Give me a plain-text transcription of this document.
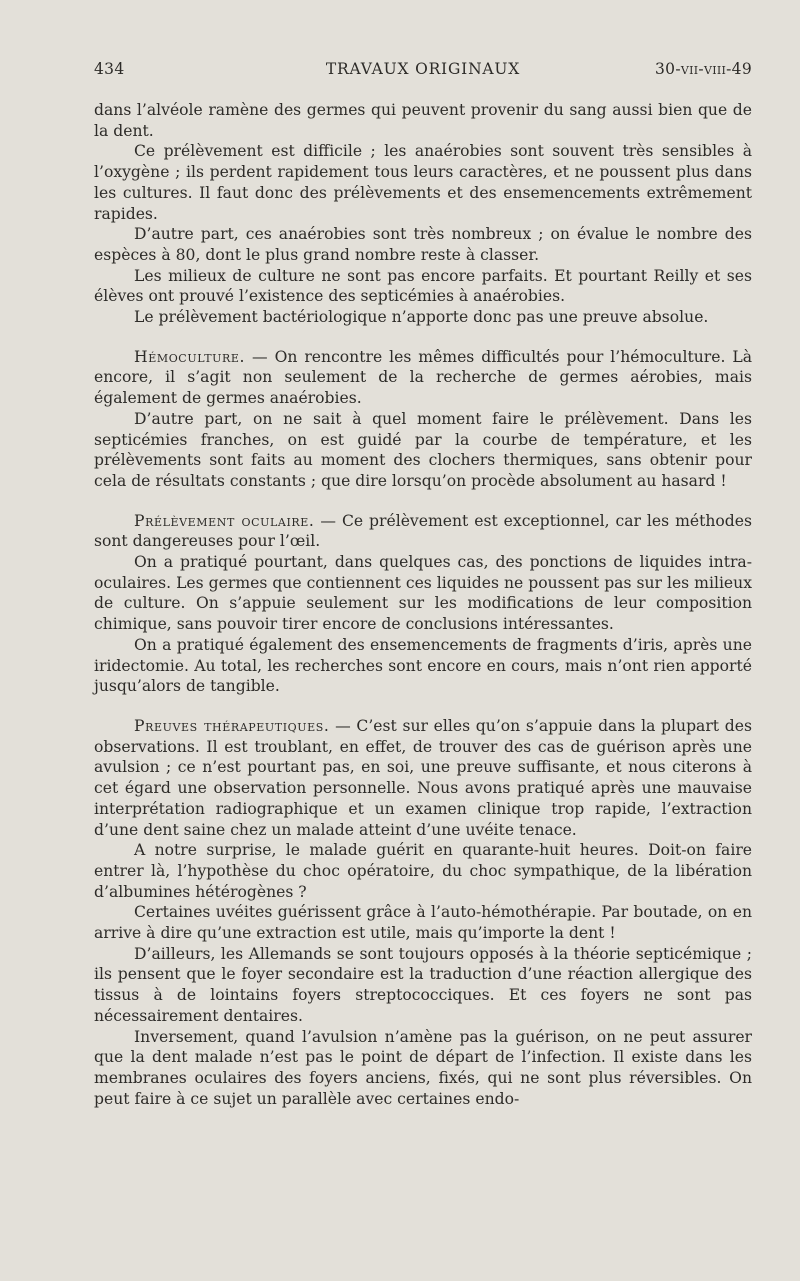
434	TRAVAUX ORIGINAUX	30-vii-viii-49

dans l’alvéole ramène des germes qui peuvent provenir du sang aussi bien que de la dent.

Ce prélèvement est difficile ; les anaérobies sont souvent très sensibles à l’oxygène ; ils perdent rapidement tous leurs caractères, et ne poussent plus dans les cultures. Il faut donc des prélèvements et des ensemencements extrêmement rapides.

D’autre part, ces anaérobies sont très nombreux ; on évalue le nombre des espèces à 80, dont le plus grand nombre reste à classer.

Les milieux de culture ne sont pas encore parfaits. Et pourtant Reilly et ses élèves ont prouvé l’existence des septicémies à anaérobies.

Le prélèvement bactériologique n’apporte donc pas une preuve absolue.

Hémoculture. — On rencontre les mêmes difficultés pour l’hémoculture. Là encore, il s’agit non seulement de la recherche de germes aérobies, mais également de germes anaérobies.

D’autre part, on ne sait à quel moment faire le prélèvement. Dans les septicémies franches, on est guidé par la courbe de température, et les prélèvements sont faits au moment des clochers thermiques, sans obtenir pour cela de résultats constants ; que dire lorsqu’on procède absolument au hasard !

Prélèvement oculaire. — Ce prélèvement est exceptionnel, car les méthodes sont dangereuses pour l’œil.

On a pratiqué pourtant, dans quelques cas, des ponctions de liquides intra-oculaires. Les germes que contiennent ces liquides ne poussent pas sur les milieux de culture. On s’appuie seulement sur les modifications de leur composition chimique, sans pouvoir tirer encore de conclusions intéressantes.

On a pratiqué également des ensemencements de fragments d’iris, après une iridectomie. Au total, les recherches sont encore en cours, mais n’ont rien apporté jusqu’alors de tangible.

Preuves thérapeutiques. — C’est sur elles qu’on s’appuie dans la plupart des observations. Il est troublant, en effet, de trouver des cas de guérison après une avulsion ; ce n’est pourtant pas, en soi, une preuve suffisante, et nous citerons à cet égard une observation personnelle. Nous avons pratiqué après une mauvaise interprétation radiographique et un examen clinique trop rapide, l’extraction d’une dent saine chez un malade atteint d’une uvéite tenace.

A notre surprise, le malade guérit en quarante-huit heures. Doit-on faire entrer là, l’hypothèse du choc opératoire, du choc sympathique, de la libération d’albumines hétérogènes ?

Certaines uvéites guérissent grâce à l’auto-hémothérapie. Par boutade, on en arrive à dire qu’une extraction est utile, mais qu’importe la dent !

D’ailleurs, les Allemands se sont toujours opposés à la théorie septicémique ; ils pensent que le foyer secondaire est la traduction d’une réaction allergique des tissus à de lointains foyers streptococciques. Et ces foyers ne sont pas nécessairement dentaires.

Inversement, quand l’avulsion n’amène pas la guérison, on ne peut assurer que la dent malade n’est pas le point de départ de l’infection. Il existe dans les membranes oculaires des foyers anciens, fixés, qui ne sont plus réversibles. On peut faire à ce sujet un parallèle avec certaines endo-
